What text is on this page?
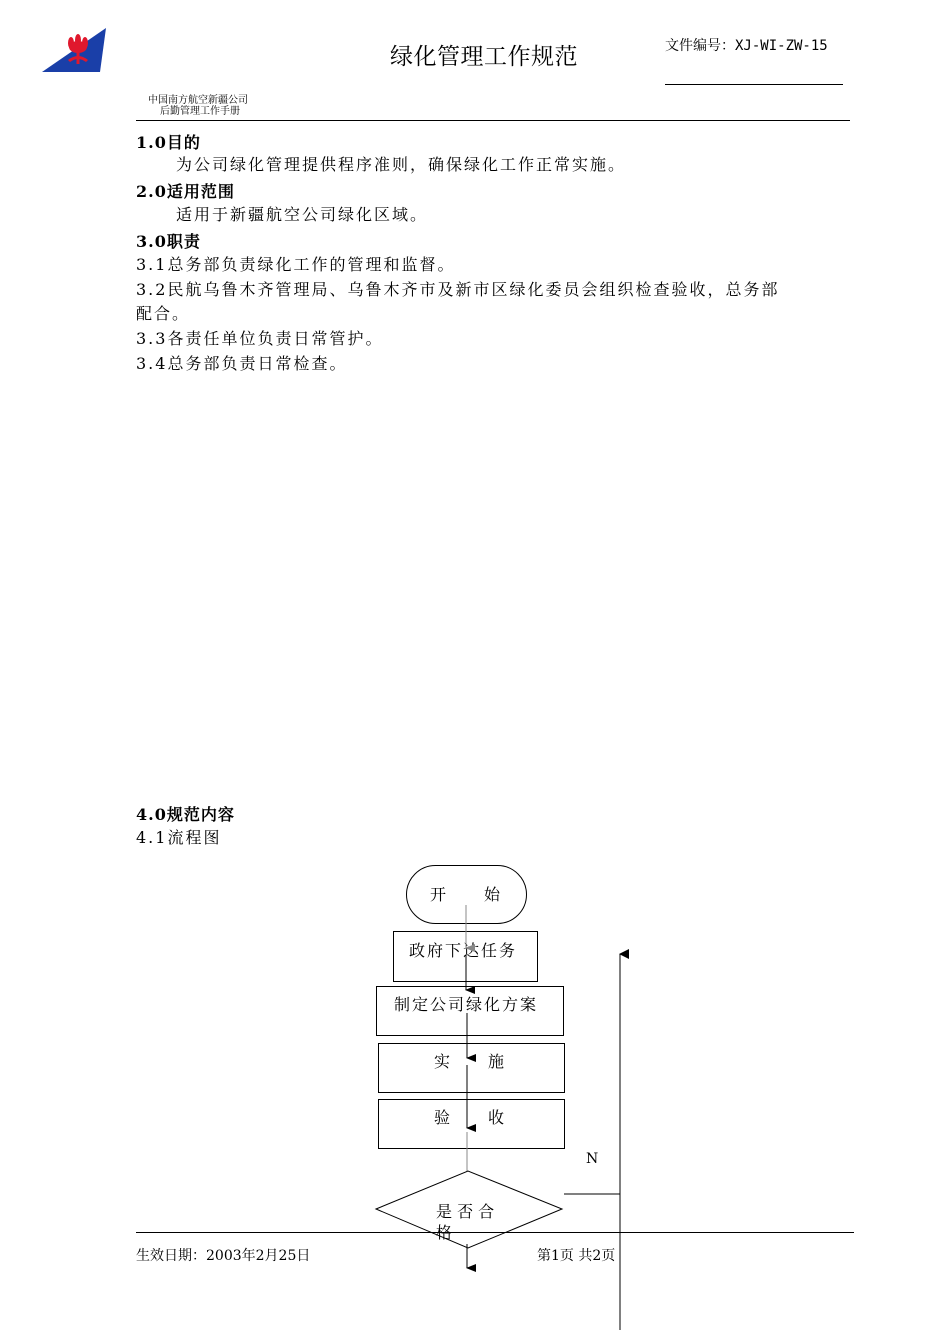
绿化管理工作规范	文件编号：XJ-WI-ZW-15
中国南方航空新疆公司
后勤管理工作手册
1.0目的
为公司绿化管理提供程序准则，确保绿化工作正常实施。
2.0适用范围
适用于新疆航空公司绿化区域。
3.0职责
3.1总务部负责绿化工作的管理和监督。
3.2民航乌鲁木齐管理局、乌鲁木齐市及新市区绿化委员会组织检查验收，总务部
配合。
3.3各责任单位负责日常管护。
3.4总务部负责日常检查。
4.0规范内容
4.1流程图
开　　始
政府下达任务
制定公司绿化方案
实　　施
验　　收
是 否 合
格
N
生效日期：2003年2月25日	第1页 共2页
